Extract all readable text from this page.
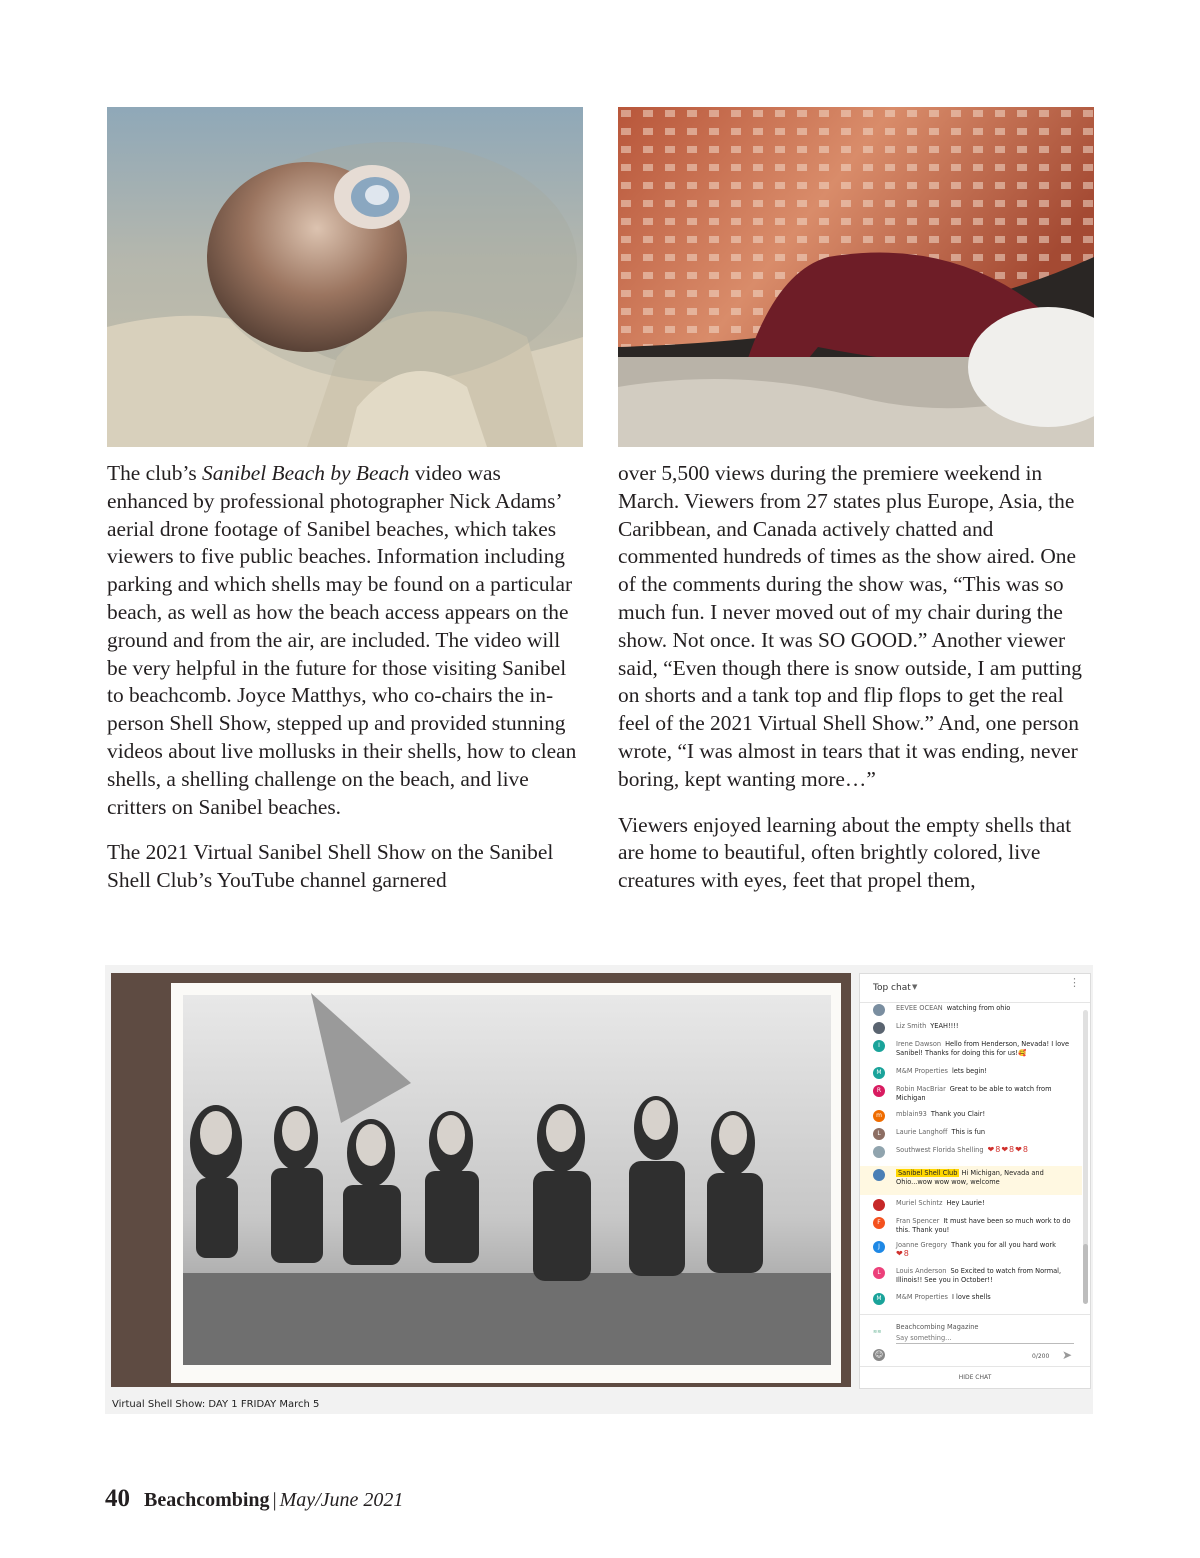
The club’s Sanibel Beach by Beach video was enhanced by professional photographer Nick Adams’ aerial drone footage of Sanibel beaches, which takes viewers to five public beaches. Information including parking and which shells may be found on a particular beach, as well as how the beach access appears on the ground and from the air, are included. The video will be very helpful in the future for those visiting Sanibel to beachcomb. Joyce Matthys, who co-chairs the in-person Shell Show, stepped up and provided stunning videos about live mollusks in their shells, how to clean shells, a shelling challenge on the beach, and live critters on Sanibel beaches.

The 2021 Virtual Sanibel Shell Show on the Sanibel Shell Club’s YouTube channel garnered

over 5,500 views during the premiere weekend in March. Viewers from 27 states plus Europe, Asia, the Caribbean, and Canada actively chatted and commented hundreds of times as the show aired. One of the comments during the show was, “This was so much fun. I never moved out of my chair during the show. Not once. It was SO GOOD.” Another viewer said, “Even though there is snow outside, I am putting on shorts and a tank top and flip flops to get the real feel of the 2021 Virtual Shell Show.” And, one person wrote, “I was almost in tears that it was ending, never boring, kept wanting more…”

Viewers enjoyed learning about the empty shells that are home to beautiful, often brightly colored, live creatures with eyes, feet that propel them,

Top chat ▼	⋮
EEVEE OCEAN watching from ohio
Liz Smith YEAH!!!!
I	Irene Dawson Hello from Henderson, Nevada! I love Sanibel! Thanks for doing this for us!🥰
M	M&M Properties lets begin!
R	Robin MacBriar Great to be able to watch from Michigan
m	mblain93 Thank you Clair!
L	Laurie Langhoff This is fun
Southwest Florida Shelling ❤8❤8❤8
Sanibel Shell Club Hi Michigan, Nevada and Ohio...wow wow wow, welcome
Muriel Schintz Hey Laurie!
F	Fran Spencer It must have been so much work to do this. Thank you!
J	Joanne Gregory Thank you for all you hard work
❤8
L	Louis Anderson So Excited to watch from Normal, Illinois!! See you in October!!
M	M&M Properties I love shells
≋≋
Beachcombing Magazine
Say something...
☺	0/200 ➤
HIDE CHAT
Virtual Shell Show: DAY 1 FRIDAY March 5
40 Beachcombing | May/June 2021
